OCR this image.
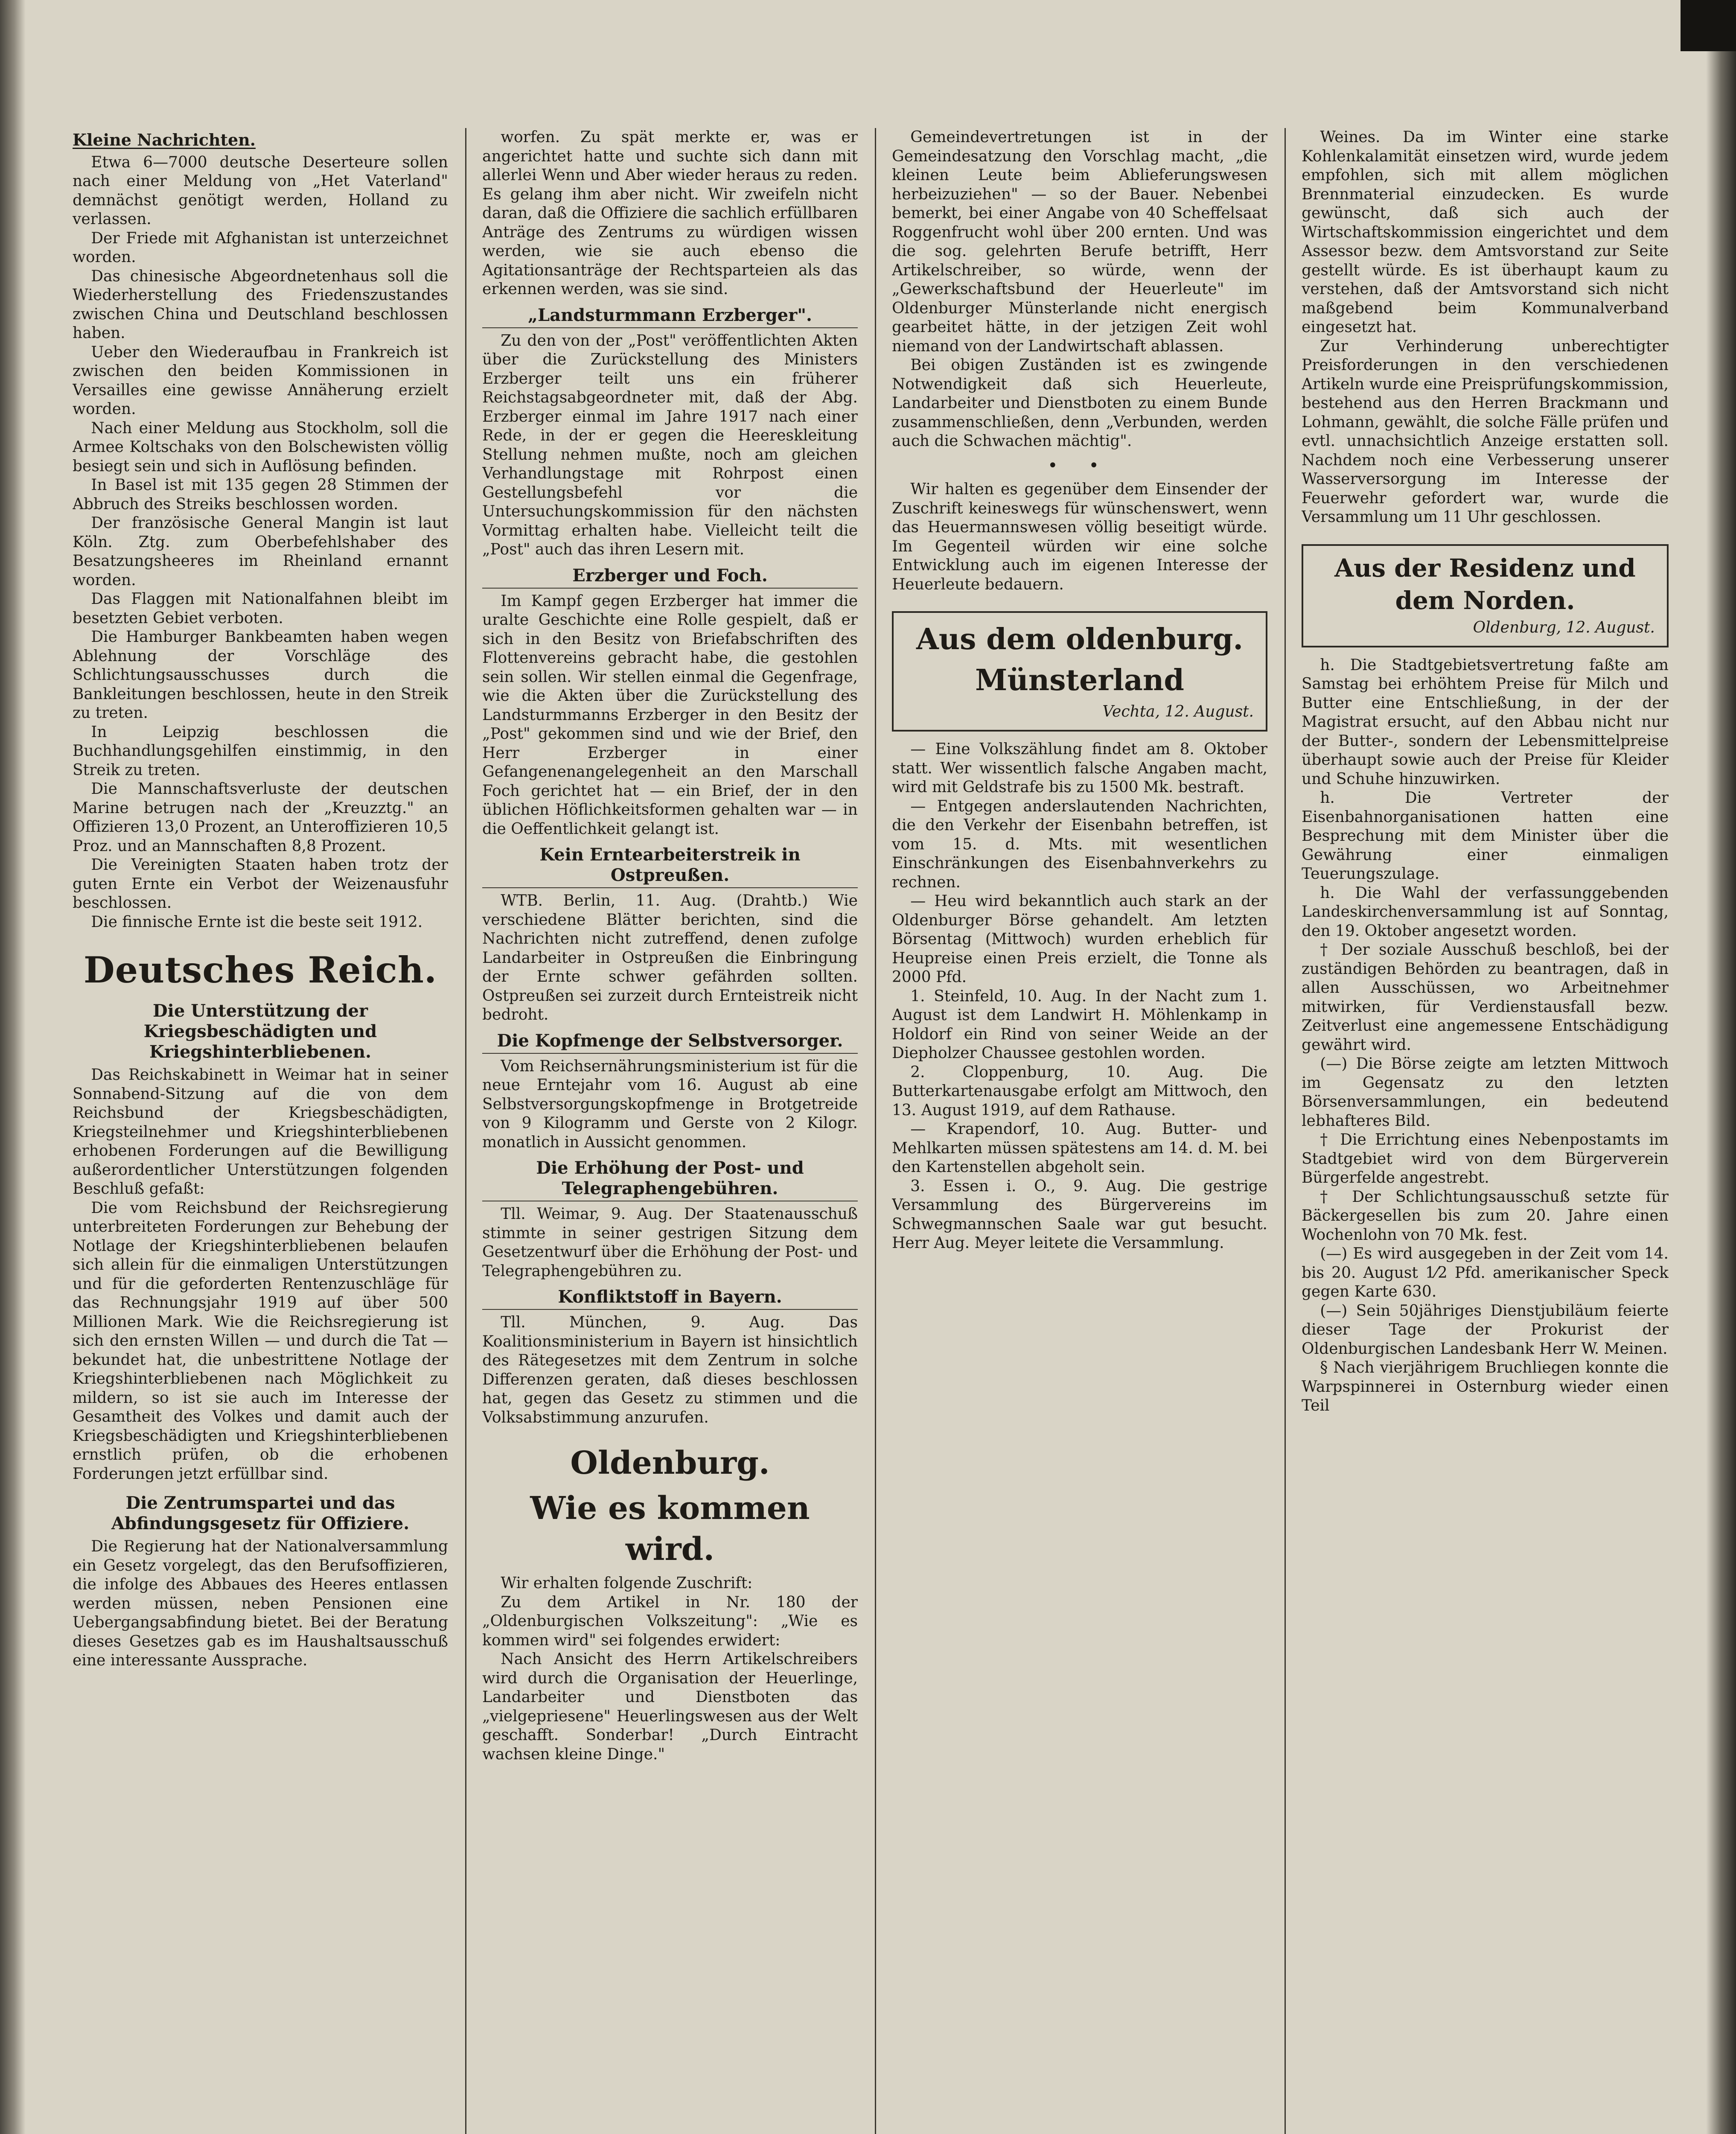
Kleine Nachrichten.

Etwa 6—7000 deutsche Deserteure sollen nach einer Meldung von „Het Vaterland" demnächst genötigt werden, Holland zu verlassen.

Der Friede mit Afghanistan ist unterzeichnet worden.

Das chinesische Abgeordnetenhaus soll die Wiederherstellung des Friedenszustandes zwischen China und Deutschland beschlossen haben.

Ueber den Wiederaufbau in Frankreich ist zwischen den beiden Kommissionen in Versailles eine gewisse Annäherung erzielt worden.

Nach einer Meldung aus Stockholm, soll die Armee Koltschaks von den Bolschewisten völlig besiegt sein und sich in Auflösung befinden.

In Basel ist mit 135 gegen 28 Stimmen der Abbruch des Streiks beschlossen worden.

Der französische General Mangin ist laut Köln. Ztg. zum Oberbefehlshaber des Besatzungsheeres im Rheinland ernannt worden.

Das Flaggen mit Nationalfahnen bleibt im besetzten Gebiet verboten.

Die Hamburger Bankbeamten haben wegen Ablehnung der Vorschläge des Schlichtungsausschusses durch die Bankleitungen beschlossen, heute in den Streik zu treten.

In Leipzig beschlossen die Buchhandlungsgehilfen einstimmig, in den Streik zu treten.

Die Mannschaftsverluste der deutschen Marine betrugen nach der „Kreuzztg." an Offizieren 13,0 Prozent, an Unteroffizieren 10,5 Proz. und an Mannschaften 8,8 Prozent.

Die Vereinigten Staaten haben trotz der guten Ernte ein Verbot der Weizenausfuhr beschlossen.

Die finnische Ernte ist die beste seit 1912.

Deutsches Reich.
Die Unterstützung der Kriegsbeschädigten und Kriegshinterbliebenen.

Das Reichskabinett in Weimar hat in seiner Sonnabend-Sitzung auf die von dem Reichsbund der Kriegsbeschädigten, Kriegsteilnehmer und Kriegshinterbliebenen erhobenen Forderungen auf die Bewilligung außerordentlicher Unterstützungen folgenden Beschluß gefaßt:

Die vom Reichsbund der Reichsregierung unterbreiteten Forderungen zur Behebung der Notlage der Kriegshinterbliebenen belaufen sich allein für die einmaligen Unterstützungen und für die geforderten Rentenzuschläge für das Rechnungsjahr 1919 auf über 500 Millionen Mark. Wie die Reichsregierung ist sich den ernsten Willen — und durch die Tat — bekundet hat, die unbestrittene Notlage der Kriegshinterbliebenen nach Möglichkeit zu mildern, so ist sie auch im Interesse der Gesamtheit des Volkes und damit auch der Kriegsbeschädigten und Kriegshinterbliebenen ernstlich prüfen, ob die erhobenen Forderungen jetzt erfüllbar sind.

Die Zentrumspartei und das Abfindungsgesetz für Offiziere.

Die Regierung hat der Nationalversammlung ein Gesetz vorgelegt, das den Berufsoffizieren, die infolge des Abbaues des Heeres entlassen werden müssen, neben Pensionen eine Uebergangsabfindung bietet. Bei der Beratung dieses Gesetzes gab es im Haushaltsausschuß eine interessante Aussprache.

worfen. Zu spät merkte er, was er angerichtet hatte und suchte sich dann mit allerlei Wenn und Aber wieder heraus zu reden. Es gelang ihm aber nicht. Wir zweifeln nicht daran, daß die Offiziere die sachlich erfüllbaren Anträge des Zentrums zu würdigen wissen werden, wie sie auch ebenso die Agitationsanträge der Rechtsparteien als das erkennen werden, was sie sind.

„Landsturmmann Erzberger".

Zu den von der „Post" veröffentlichten Akten über die Zurückstellung des Ministers Erzberger teilt uns ein früherer Reichstagsabgeordneter mit, daß der Abg. Erzberger einmal im Jahre 1917 nach einer Rede, in der er gegen die Heereskleitung Stellung nehmen mußte, noch am gleichen Verhandlungstage mit Rohrpost einen Gestellungsbefehl vor die Untersuchungskommission für den nächsten Vormittag erhalten habe. Vielleicht teilt die „Post" auch das ihren Lesern mit.

Erzberger und Foch.

Im Kampf gegen Erzberger hat immer die uralte Geschichte eine Rolle gespielt, daß er sich in den Besitz von Briefabschriften des Flottenvereins gebracht habe, die gestohlen sein sollen. Wir stellen einmal die Gegenfrage, wie die Akten über die Zurückstellung des Landsturmmanns Erzberger in den Besitz der „Post" gekommen sind und wie der Brief, den Herr Erzberger in einer Gefangenenangelegenheit an den Marschall Foch gerichtet hat — ein Brief, der in den üblichen Höflichkeitsformen gehalten war — in die Oeffentlichkeit gelangt ist.

Kein Erntearbeiterstreik in Ostpreußen.

WTB. Berlin, 11. Aug. (Drahtb.) Wie verschiedene Blätter berichten, sind die Nachrichten nicht zutreffend, denen zufolge Landarbeiter in Ostpreußen die Einbringung der Ernte schwer gefährden sollten. Ostpreußen sei zurzeit durch Ernteistreik nicht bedroht.

Die Kopfmenge der Selbstversorger.

Vom Reichsernährungsministerium ist für die neue Erntejahr vom 16. August ab eine Selbstversorgungskopfmenge in Brotgetreide von 9 Kilogramm und Gerste von 2 Kilogr. monatlich in Aussicht genommen.

Die Erhöhung der Post- und Telegraphengebühren.

Tll. Weimar, 9. Aug. Der Staatenausschuß stimmte in seiner gestrigen Sitzung dem Gesetzentwurf über die Erhöhung der Post- und Telegraphengebühren zu.

Konfliktstoff in Bayern.

Tll. München, 9. Aug. Das Koalitionsministerium in Bayern ist hinsichtlich des Rätegesetzes mit dem Zentrum in solche Differenzen geraten, daß dieses beschlossen hat, gegen das Gesetz zu stimmen und die Volksabstimmung anzurufen.

Oldenburg.
Wie es kommen wird.

Wir erhalten folgende Zuschrift:

Zu dem Artikel in Nr. 180 der „Oldenburgischen Volkszeitung": „Wie es kommen wird" sei folgendes erwidert:

Nach Ansicht des Herrn Artikelschreibers wird durch die Organisation der Heuerlinge, Landarbeiter und Dienstboten das „vielgepriesene" Heuerlingswesen aus der Welt geschafft. Sonderbar! „Durch Eintracht wachsen kleine Dinge."

Gemeindevertretungen ist in der Gemeindesatzung den Vorschlag macht, „die kleinen Leute beim Ablieferungswesen herbeizuziehen" — so der Bauer. Nebenbei bemerkt, bei einer Angabe von 40 Scheffelsaat Roggenfrucht wohl über 200 ernten. Und was die sog. gelehrten Berufe betrifft, Herr Artikelschreiber, so würde, wenn der „Gewerkschaftsbund der Heuerleute" im Oldenburger Münsterlande nicht energisch gearbeitet hätte, in der jetzigen Zeit wohl niemand von der Landwirtschaft ablassen.

Bei obigen Zuständen ist es zwingende Notwendigkeit daß sich Heuerleute, Landarbeiter und Dienstboten zu einem Bunde zusammenschließen, denn „Verbunden, werden auch die Schwachen mächtig".

• •

Wir halten es gegenüber dem Einsender der Zuschrift keineswegs für wünschenswert, wenn das Heuermannswesen völlig beseitigt würde. Im Gegenteil würden wir eine solche Entwicklung auch im eigenen Interesse der Heuerleute bedauern.

Aus dem oldenburg. Münsterland
Vechta, 12. August.

— Eine Volkszählung findet am 8. Oktober statt. Wer wissentlich falsche Angaben macht, wird mit Geldstrafe bis zu 1500 Mk. bestraft.

— Entgegen anderslautenden Nachrichten, die den Verkehr der Eisenbahn betreffen, ist vom 15. d. Mts. mit wesentlichen Einschränkungen des Eisenbahnverkehrs zu rechnen.

— Heu wird bekanntlich auch stark an der Oldenburger Börse gehandelt. Am letzten Börsentag (Mittwoch) wurden erheblich für Heupreise einen Preis erzielt, die Tonne als 2000 Pfd.

1. Steinfeld, 10. Aug. In der Nacht zum 1. August ist dem Landwirt H. Möhlenkamp in Holdorf ein Rind von seiner Weide an der Diepholzer Chaussee gestohlen worden.

2. Cloppenburg, 10. Aug. Die Butterkartenausgabe erfolgt am Mittwoch, den 13. August 1919, auf dem Rathause.

— Krapendorf, 10. Aug. Butter- und Mehlkarten müssen spätestens am 14. d. M. bei den Kartenstellen abgeholt sein.

3. Essen i. O., 9. Aug. Die gestrige Versammlung des Bürgervereins im Schwegmannschen Saale war gut besucht. Herr Aug. Meyer leitete die Versammlung.

Weines. Da im Winter eine starke Kohlenkalamität einsetzen wird, wurde jedem empfohlen, sich mit allem möglichen Brennmaterial einzudecken. Es wurde gewünscht, daß sich auch der Wirtschaftskommission eingerichtet und dem Assessor bezw. dem Amtsvorstand zur Seite gestellt würde. Es ist überhaupt kaum zu verstehen, daß der Amtsvorstand sich nicht maßgebend beim Kommunalverband eingesetzt hat.

Zur Verhinderung unberechtigter Preisforderungen in den verschiedenen Artikeln wurde eine Preisprüfungskommission, bestehend aus den Herren Brackmann und Lohmann, gewählt, die solche Fälle prüfen und evtl. unnachsichtlich Anzeige erstatten soll. Nachdem noch eine Verbesserung unserer Wasserversorgung im Interesse der Feuerwehr gefordert war, wurde die Versammlung um 11 Uhr geschlossen.

Aus der Residenz und dem Norden.
Oldenburg, 12. August.

h. Die Stadtgebietsvertretung faßte am Samstag bei erhöhtem Preise für Milch und Butter eine Entschließung, in der der Magistrat ersucht, auf den Abbau nicht nur der Butter-, sondern der Lebensmittelpreise überhaupt sowie auch der Preise für Kleider und Schuhe hinzuwirken.

h. Die Vertreter der Eisenbahnorganisationen hatten eine Besprechung mit dem Minister über die Gewährung einer einmaligen Teuerungszulage.

h. Die Wahl der verfassunggebenden Landeskirchenversammlung ist auf Sonntag, den 19. Oktober angesetzt worden.

† Der soziale Ausschuß beschloß, bei der zuständigen Behörden zu beantragen, daß in allen Ausschüssen, wo Arbeitnehmer mitwirken, für Verdienstausfall bezw. Zeitverlust eine angemessene Entschädigung gewährt wird.

(—) Die Börse zeigte am letzten Mittwoch im Gegensatz zu den letzten Börsenversammlungen, ein bedeutend lebhafteres Bild.

† Die Errichtung eines Nebenpostamts im Stadtgebiet wird von dem Bürgerverein Bürgerfelde angestrebt.

† Der Schlichtungsausschuß setzte für Bäckergesellen bis zum 20. Jahre einen Wochenlohn von 70 Mk. fest.

(—) Es wird ausgegeben in der Zeit vom 14. bis 20. August 1⁄2 Pfd. amerikanischer Speck gegen Karte 630.

(—) Sein 50jähriges Dienstjubiläum feierte dieser Tage der Prokurist der Oldenburgischen Landesbank Herr W. Meinen.

§ Nach vierjährigem Bruchliegen konnte die Warpspinnerei in Osternburg wieder einen Teil
